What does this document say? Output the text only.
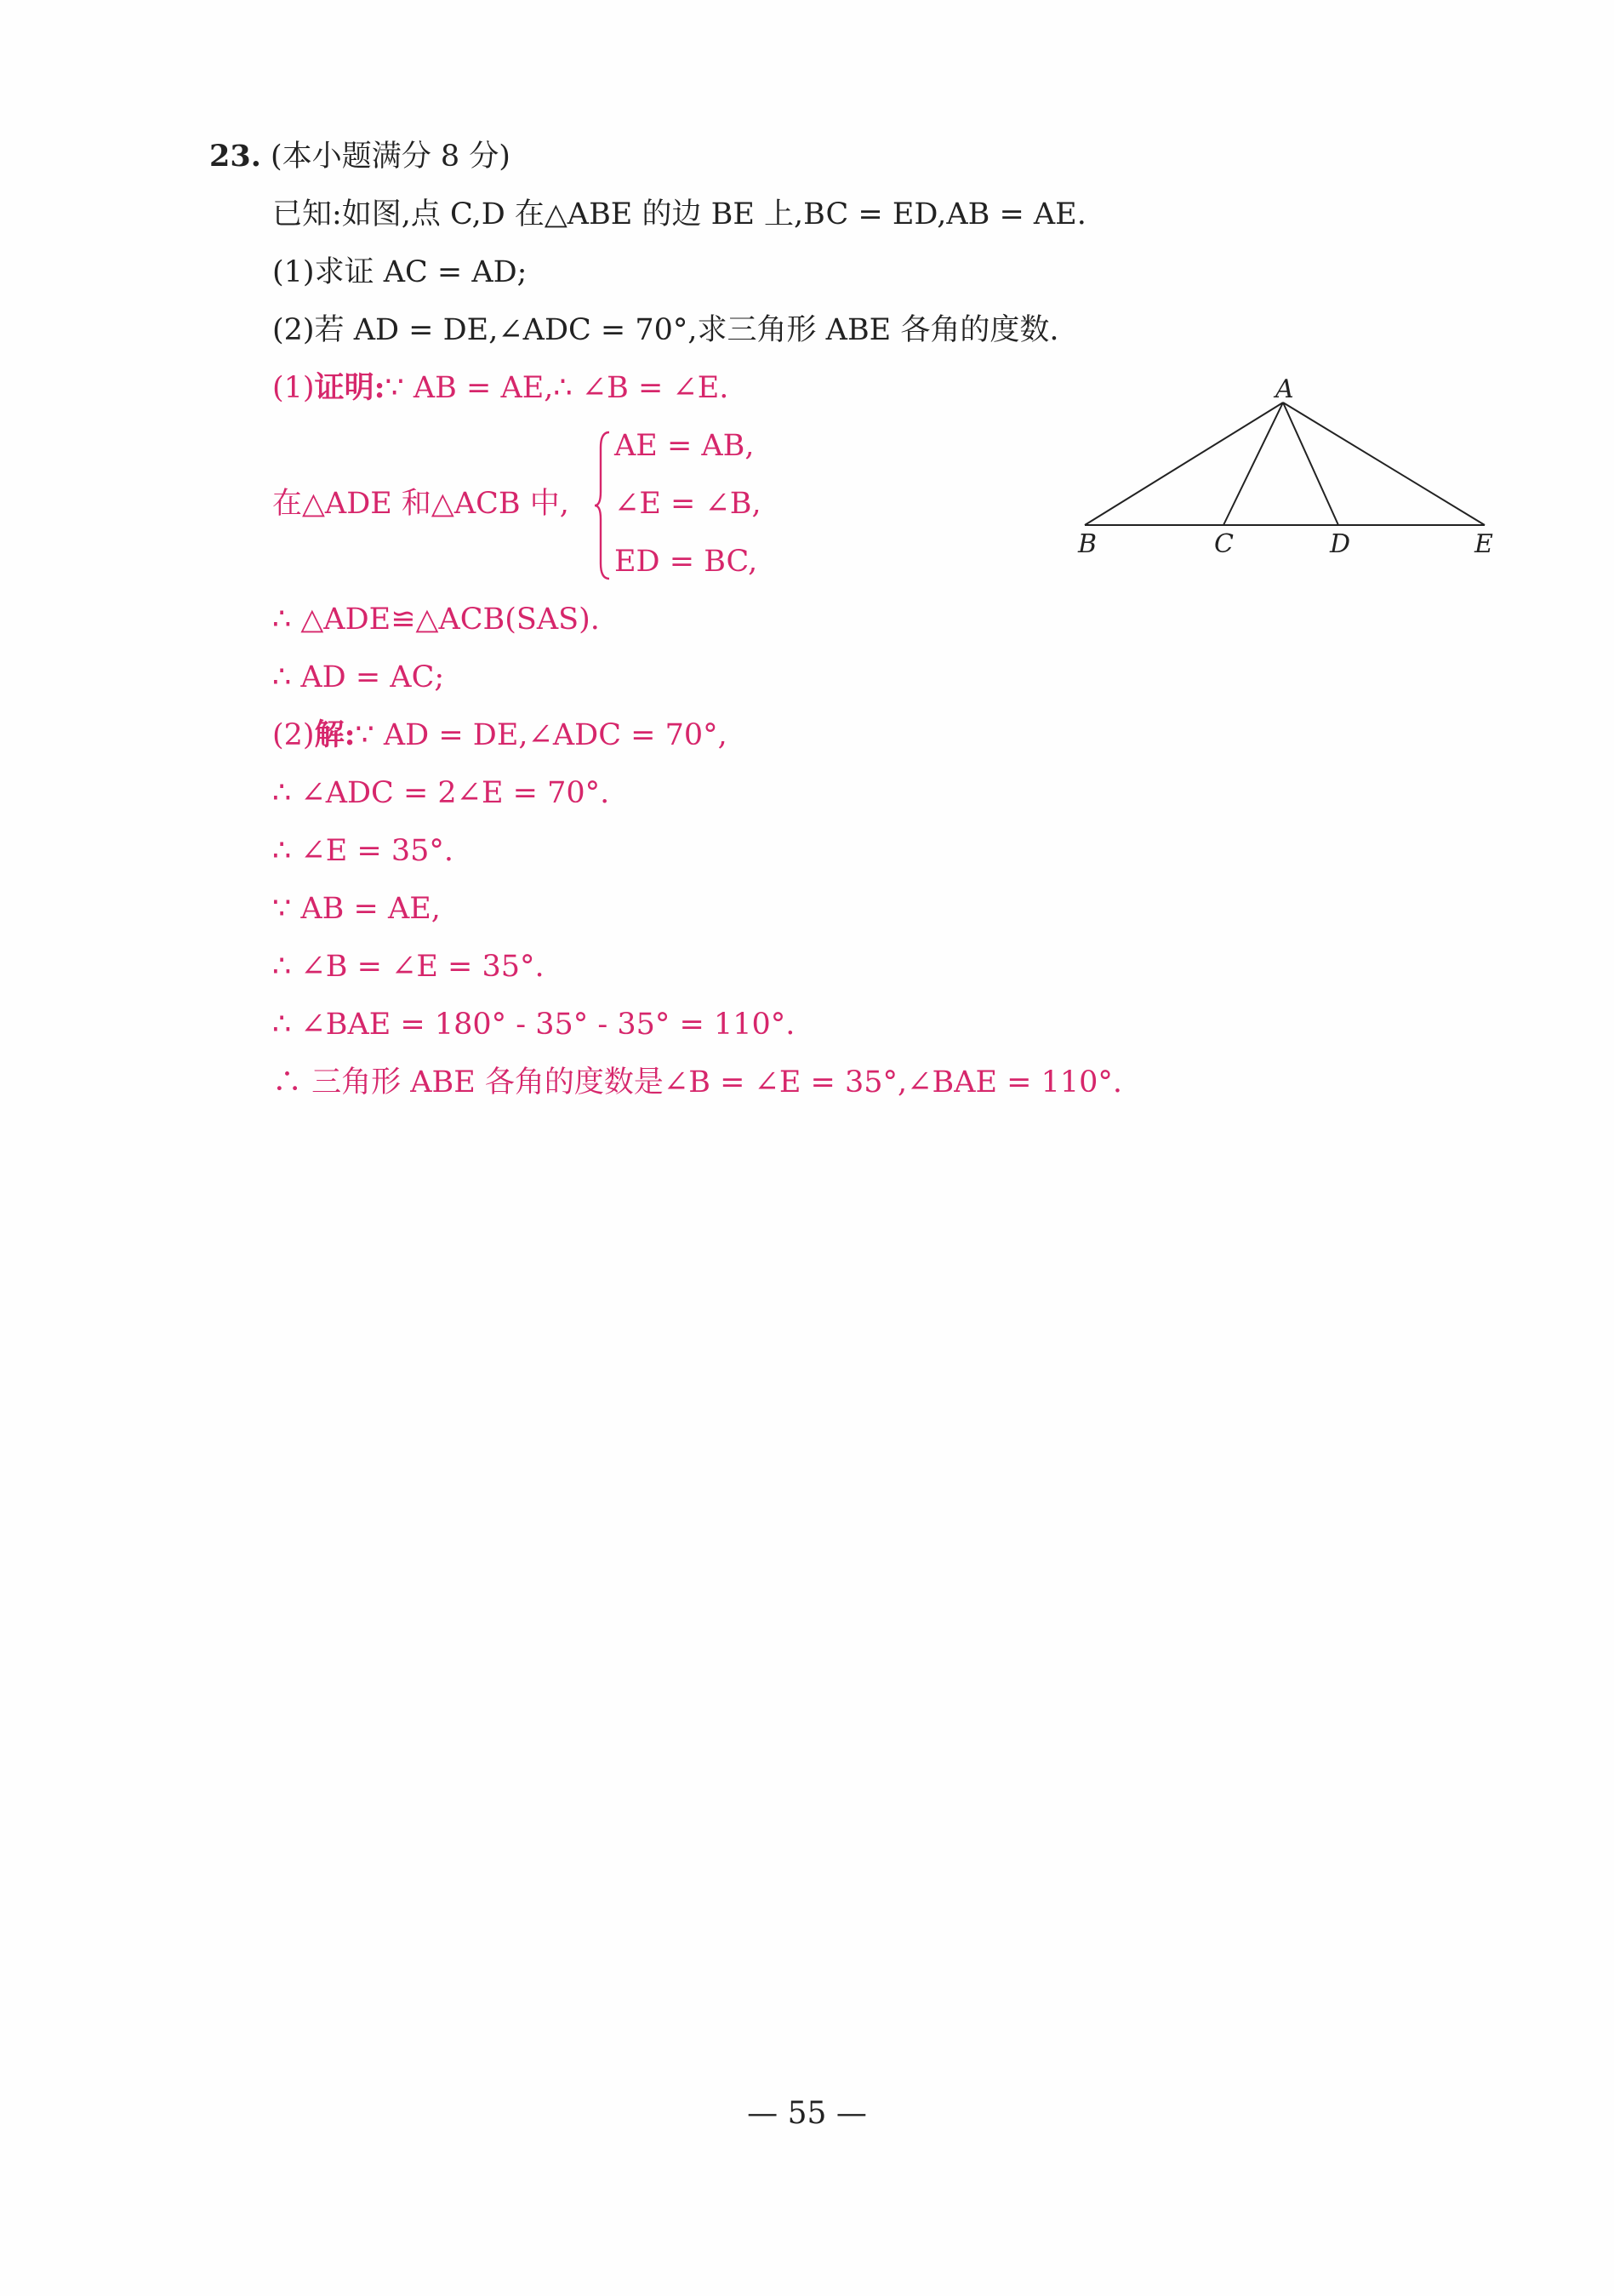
23. (本小题满分 8 分)
已知:如图,点 C,D 在△ABE 的边 BE 上,BC = ED,AB = AE.
(1)求证 AC = AD;
(2)若 AD = DE,∠ADC = 70°,求三角形 ABE 各角的度数.
(1)证明:∵ AB = AE,∴ ∠B = ∠E.
在△ADE 和△ACB 中,
AE = AB,
∠E = ∠B,
ED = BC,
∴ △ADE≌△ACB(SAS).
∴ AD = AC;
(2)解:∵ AD = DE,∠ADC = 70°,
∴ ∠ADC = 2∠E = 70°.
∴ ∠E = 35°.
∵ AB = AE,
∴ ∠B = ∠E = 35°.
∴ ∠BAE = 180° - 35° - 35° = 110°.
∴ 三角形 ABE 各角的度数是∠B = ∠E = 35°,∠BAE = 110°.
A
B	C	D	E
— 55 —
